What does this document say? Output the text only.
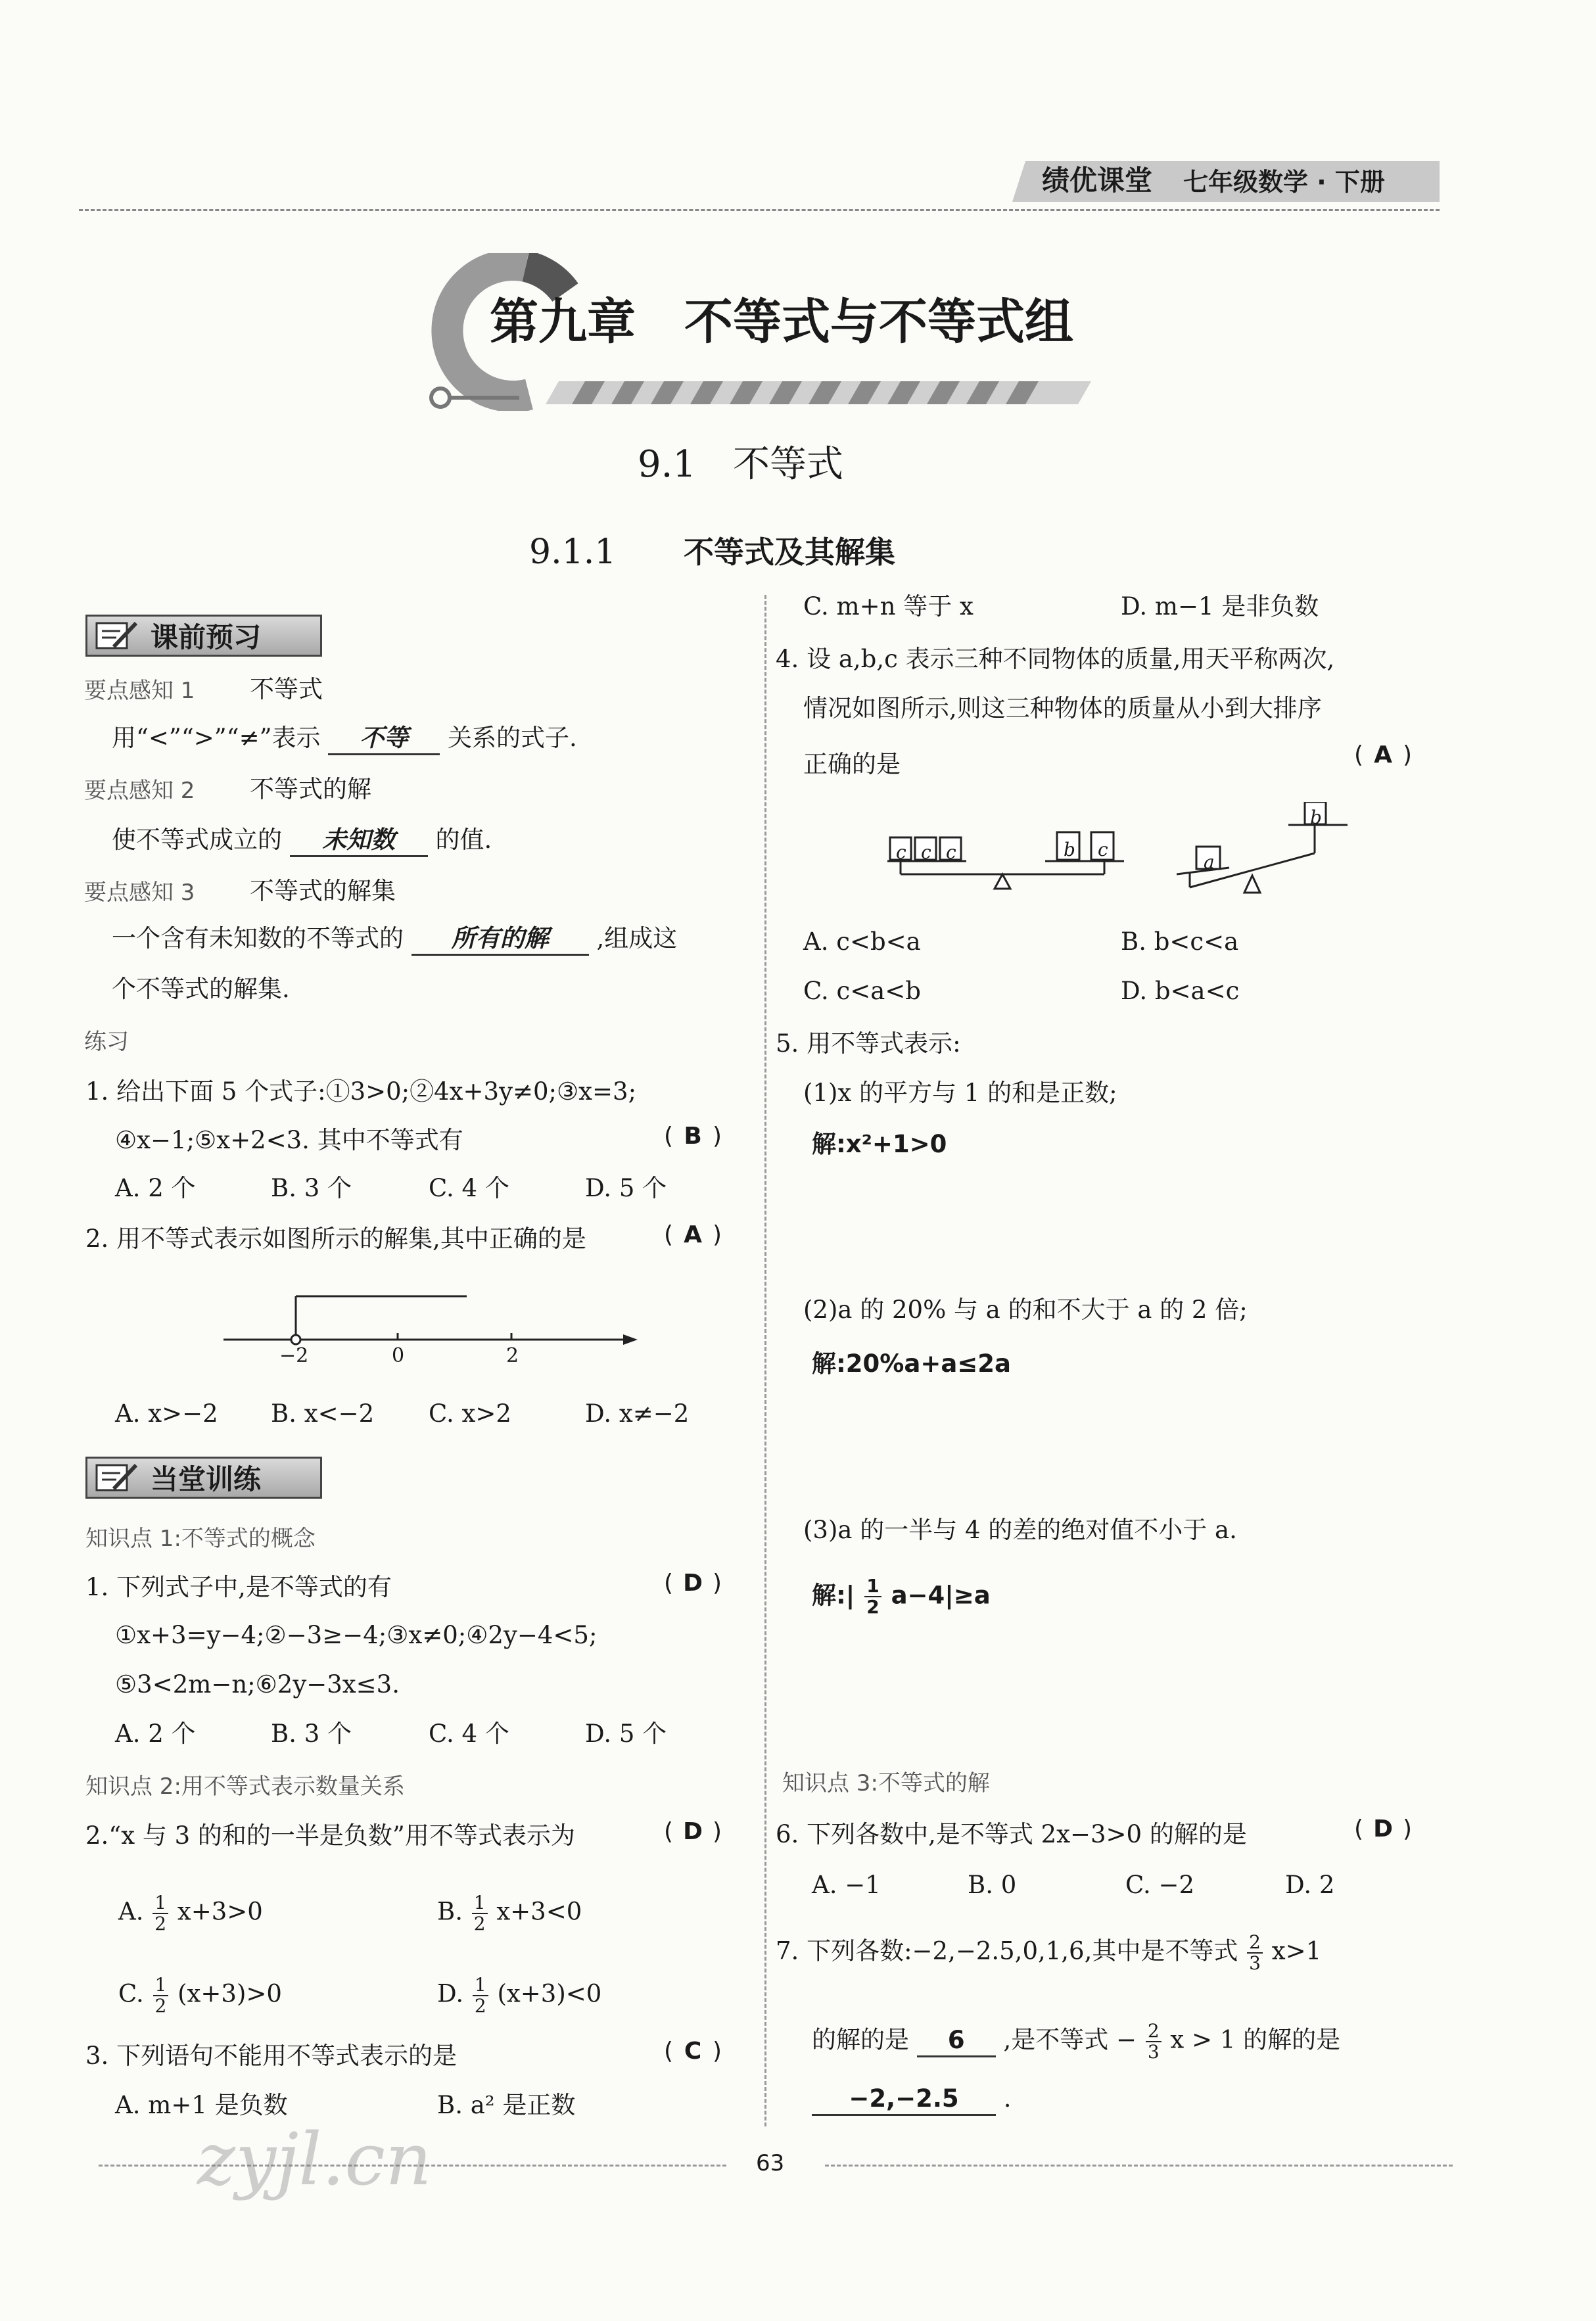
绩优课堂 七年级数学 · 下册
第九章　不等式与不等式组
9.1　不等式
9.1.1 不等式及其解集
课前预习
要点感知 1 不等式
用“<”“>”“≠”表示 不等 关系的式子.
要点感知 2 不等式的解
使不等式成立的 未知数 的值.
要点感知 3 不等式的解集
一个含有未知数的不等式的 所有的解 ,组成这
个不等式的解集.
练习
1. 给出下面 5 个式子:①3>0;②4x+3y≠0;③x=3;
④x−1;⑤x+2<3. 其中不等式有	( B )
A. 2 个	B. 3 个	C. 4 个	D. 5 个
2. 用不等式表示如图所示的解集,其中正确的是	( A )
−2	0	2
A. x>−2 B. x<−2 C. x>2	D. x≠−2
当堂训练
知识点 1:不等式的概念
1. 下列式子中,是不等式的有	( D )
①x+3=y−4;②−3≥−4;③x≠0;④2y−4<5;
⑤3<2m−n;⑥2y−3x≤3.
A. 2 个	B. 3 个	C. 4 个	D. 5 个
知识点 2:用不等式表示数量关系
2.“x 与 3 的和的一半是负数”用不等式表示为	( D )
A. $\frac{1}{2} x+3>0$	B. $\frac{1}{2} x+3<0$
C. $\frac{1}{2} (x+3)>0$	D. $\frac{1}{2} (x+3)<0$
3. 下列语句不能用不等式表示的是	( C )
A. m+1 是负数	B. a² 是正数
C. m+n 等于 x	D. m−1 是非负数
4. 设 a,b,c 表示三种不同物体的质量,用天平称两次,
情况如图所示,则这三种物体的质量从小到大排序
正确的是	( A )
c c c	b c
a
b
A. c<b<a	B. b<c<a
C. c<a<b	D. b<a<c
5. 用不等式表示:
(1)x 的平方与 1 的和是正数;
解:x²+1>0
(2)a 的 20% 与 a 的和不大于 a 的 2 倍;
解:20%a+a≤2a
(3)a 的一半与 4 的差的绝对值不小于 a.
解:| $\frac{1}{2} a-4|\ge a$
知识点 3:不等式的解
6. 下列各数中,是不等式 2x−3>0 的解的是	( D )
A. −1	B. 0	C. −2	D. 2
7. 下列各数:−2,−2.5,0,1,6,其中是不等式 $\frac{2}{3} x>1$
的解的是 6 ,是不等式 − $\frac{2}{3}$ x > 1 的解的是
−2,−2.5 .
63
zyjl.cn
